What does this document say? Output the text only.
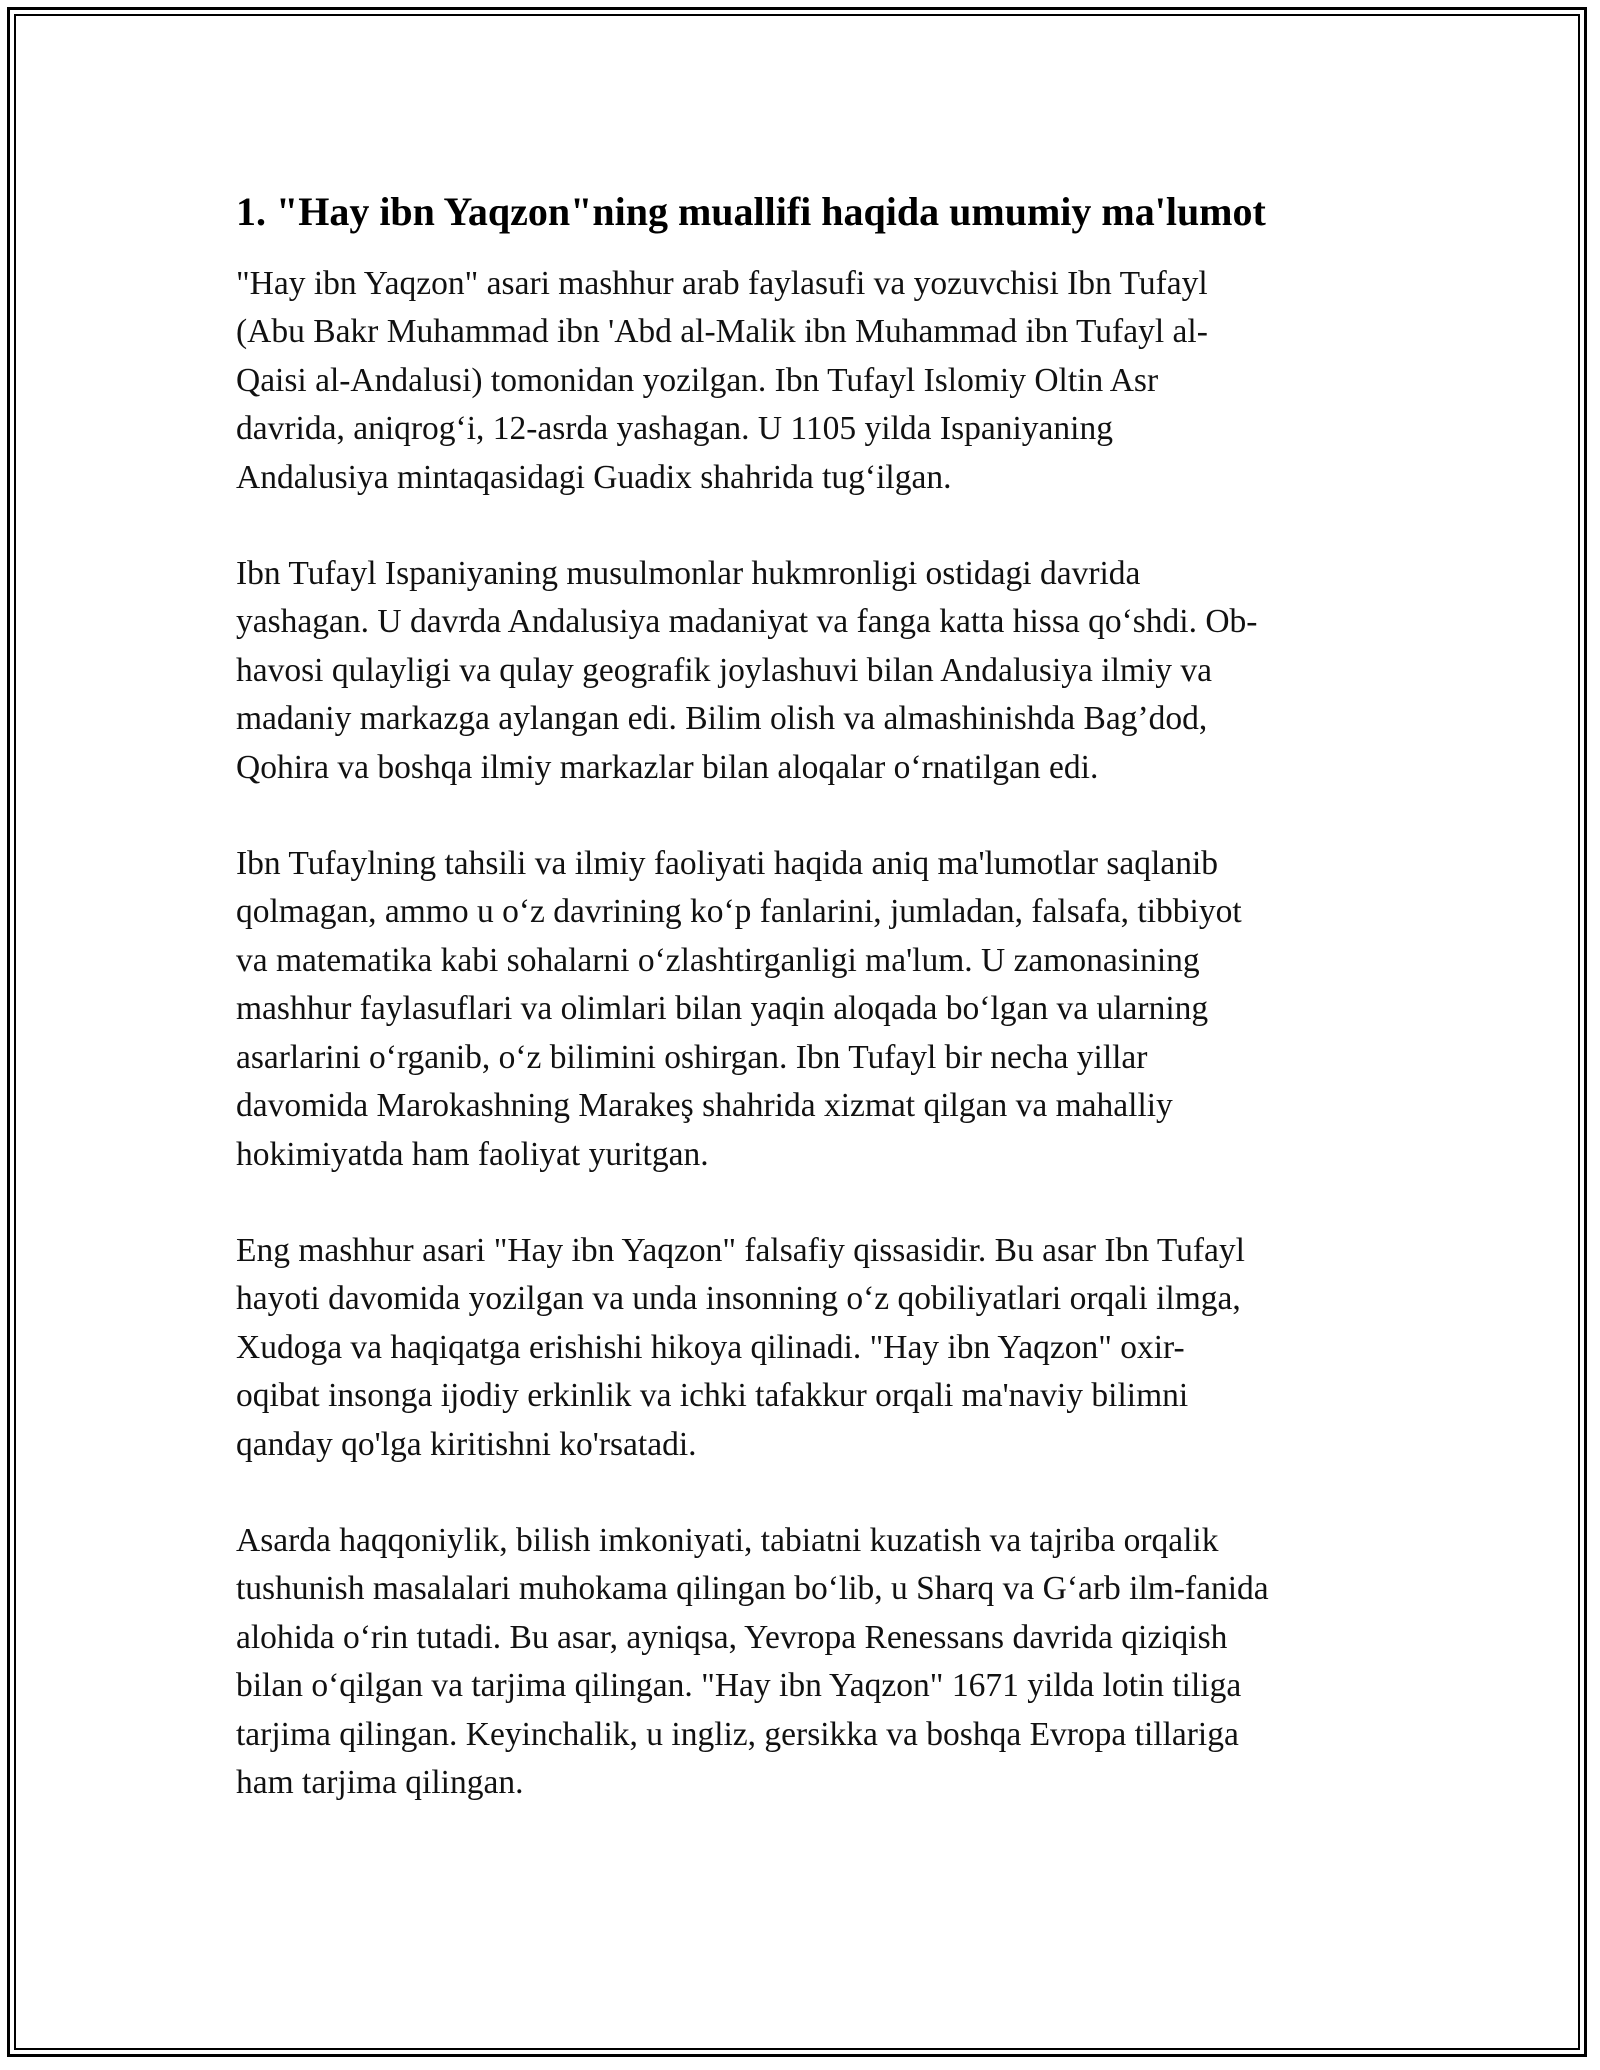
1. "Hay ibn Yaqzon"ning muallifi haqida umumiy ma'lumot

"Hay ibn Yaqzon" asari mashhur arab faylasufi va yozuvchisi Ibn Tufayl
(Abu Bakr Muhammad ibn 'Abd al-Malik ibn Muhammad ibn Tufayl al-
Qaisi al-Andalusi) tomonidan yozilgan. Ibn Tufayl Islomiy Oltin Asr
davrida, aniqrog‘i, 12-asrda yashagan. U 1105 yilda Ispaniyaning
Andalusiya mintaqasidagi Guadix shahrida tug‘ilgan.

Ibn Tufayl Ispaniyaning musulmonlar hukmronligi ostidagi davrida
yashagan. U davrda Andalusiya madaniyat va fanga katta hissa qo‘shdi. Ob-
havosi qulayligi va qulay geografik joylashuvi bilan Andalusiya ilmiy va
madaniy markazga aylangan edi. Bilim olish va almashinishda Bag’dod,
Qohira va boshqa ilmiy markazlar bilan aloqalar o‘rnatilgan edi.

Ibn Tufaylning tahsili va ilmiy faoliyati haqida aniq ma'lumotlar saqlanib
qolmagan, ammo u o‘z davrining ko‘p fanlarini, jumladan, falsafa, tibbiyot
va matematika kabi sohalarni o‘zlashtirganligi ma'lum. U zamonasining
mashhur faylasuflari va olimlari bilan yaqin aloqada bo‘lgan va ularning
asarlarini o‘rganib, o‘z bilimini oshirgan. Ibn Tufayl bir necha yillar
davomida Marokashning Marakeş shahrida xizmat qilgan va mahalliy
hokimiyatda ham faoliyat yuritgan.

Eng mashhur asari "Hay ibn Yaqzon" falsafiy qissasidir. Bu asar Ibn Tufayl
hayoti davomida yozilgan va unda insonning o‘z qobiliyatlari orqali ilmga,
Xudoga va haqiqatga erishishi hikoya qilinadi. "Hay ibn Yaqzon" oxir-
oqibat insonga ijodiy erkinlik va ichki tafakkur orqali ma'naviy bilimni
qanday qo'lga kiritishni ko'rsatadi.

Asarda haqqoniylik, bilish imkoniyati, tabiatni kuzatish va tajriba orqalik
tushunish masalalari muhokama qilingan bo‘lib, u Sharq va G‘arb ilm-fanida
alohida o‘rin tutadi. Bu asar, ayniqsa, Yevropa Renessans davrida qiziqish
bilan o‘qilgan va tarjima qilingan. "Hay ibn Yaqzon" 1671 yilda lotin tiliga
tarjima qilingan. Keyinchalik, u ingliz, gersikka va boshqa Evropa tillariga
ham tarjima qilingan.
